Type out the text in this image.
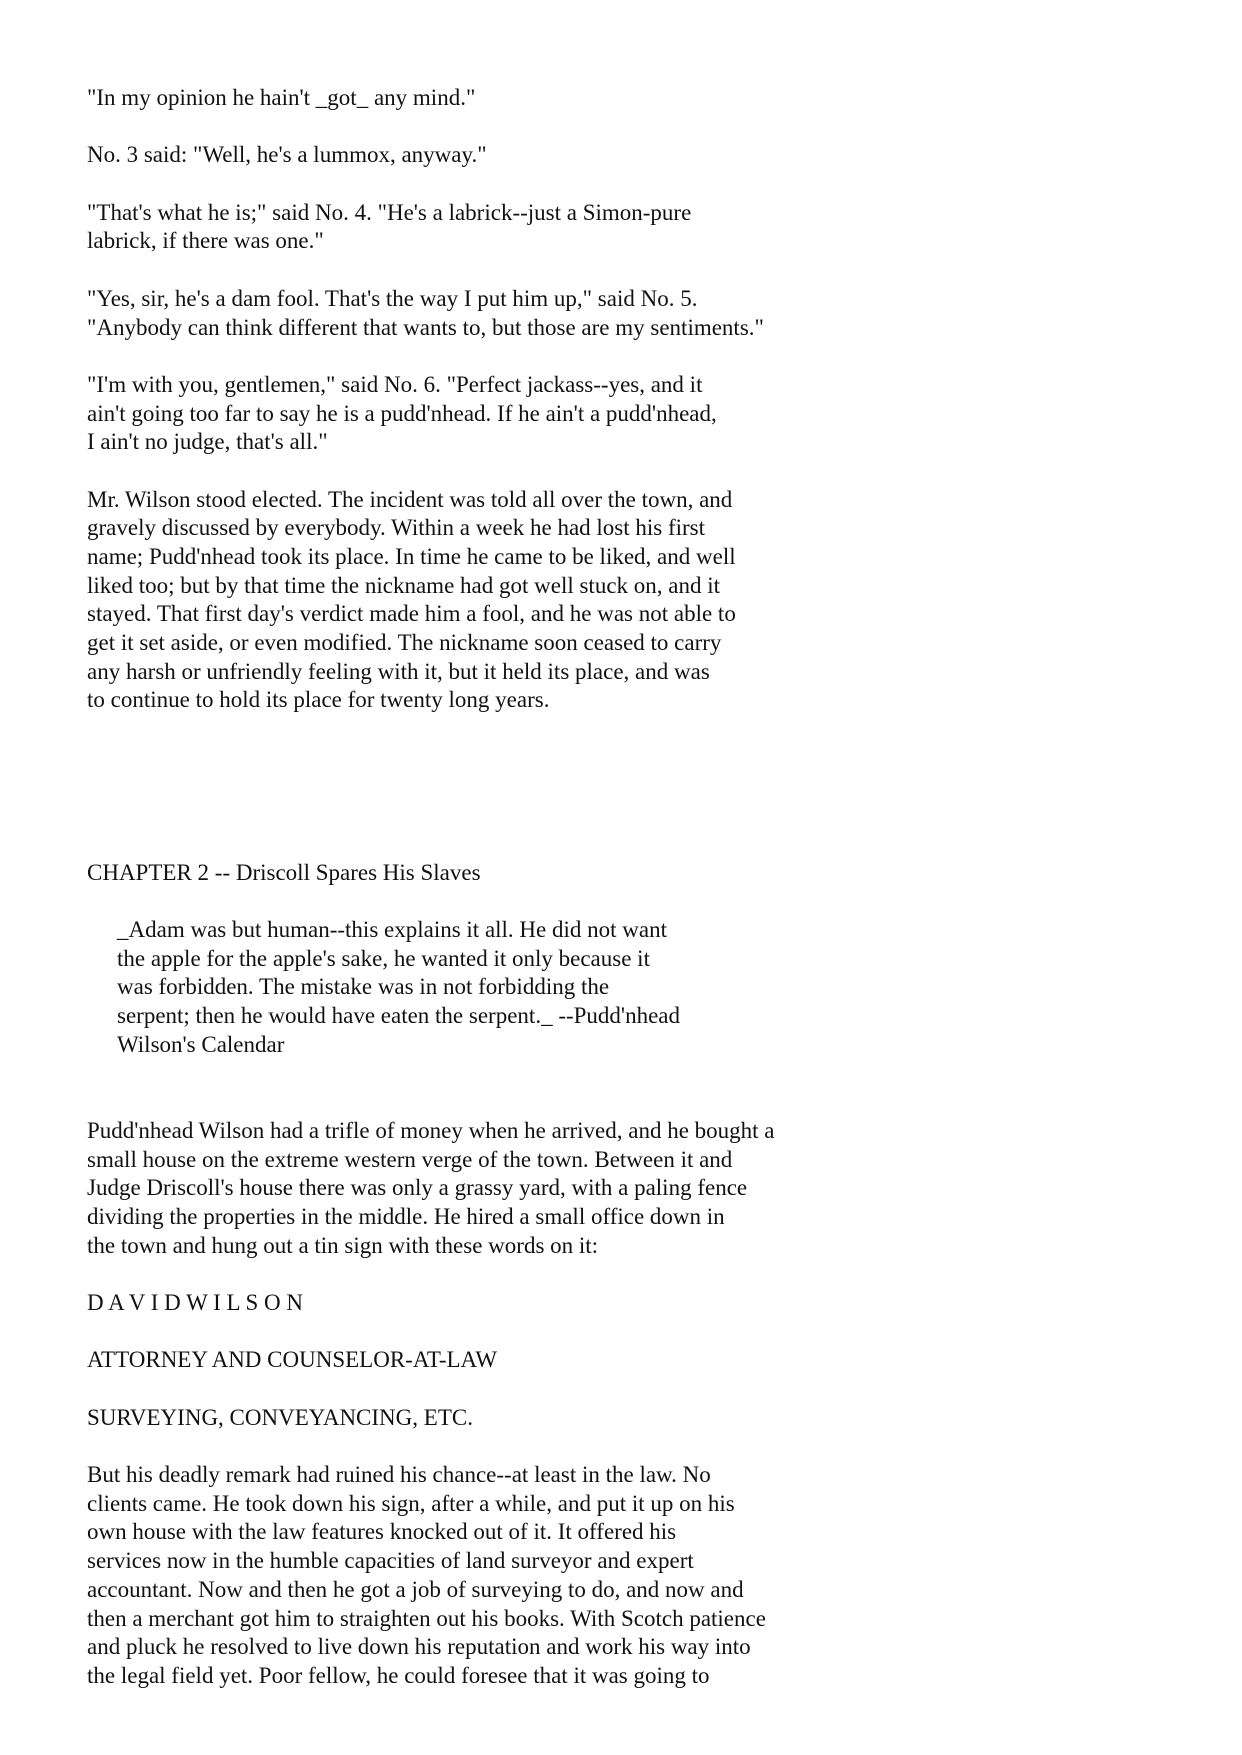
"In my opinion he hain't _got_ any mind."
No. 3 said: "Well, he's a lummox, anyway."
"That's what he is;" said No. 4. "He's a labrick--just a Simon-pure
labrick, if there was one."
"Yes, sir, he's a dam fool. That's the way I put him up," said No. 5.
"Anybody can think different that wants to, but those are my sentiments."
"I'm with you, gentlemen," said No. 6. "Perfect jackass--yes, and it
ain't going too far to say he is a pudd'nhead. If he ain't a pudd'nhead,
I ain't no judge, that's all."
Mr. Wilson stood elected. The incident was told all over the town, and
gravely discussed by everybody. Within a week he had lost his first
name; Pudd'nhead took its place. In time he came to be liked, and well
liked too; but by that time the nickname had got well stuck on, and it
stayed. That first day's verdict made him a fool, and he was not able to
get it set aside, or even modified. The nickname soon ceased to carry
any harsh or unfriendly feeling with it, but it held its place, and was
to continue to hold its place for twenty long years.
CHAPTER 2 -- Driscoll Spares His Slaves
_Adam was but human--this explains it all. He did not want
the apple for the apple's sake, he wanted it only because it
was forbidden. The mistake was in not forbidding the
serpent; then he would have eaten the serpent._ --Pudd'nhead
Wilson's Calendar
Pudd'nhead Wilson had a trifle of money when he arrived, and he bought a
small house on the extreme western verge of the town. Between it and
Judge Driscoll's house there was only a grassy yard, with a paling fence
dividing the properties in the middle. He hired a small office down in
the town and hung out a tin sign with these words on it:
D A V I D W I L S O N
ATTORNEY AND COUNSELOR-AT-LAW
SURVEYING, CONVEYANCING, ETC.
But his deadly remark had ruined his chance--at least in the law. No
clients came. He took down his sign, after a while, and put it up on his
own house with the law features knocked out of it. It offered his
services now in the humble capacities of land surveyor and expert
accountant. Now and then he got a job of surveying to do, and now and
then a merchant got him to straighten out his books. With Scotch patience
and pluck he resolved to live down his reputation and work his way into
the legal field yet. Poor fellow, he could foresee that it was going to
